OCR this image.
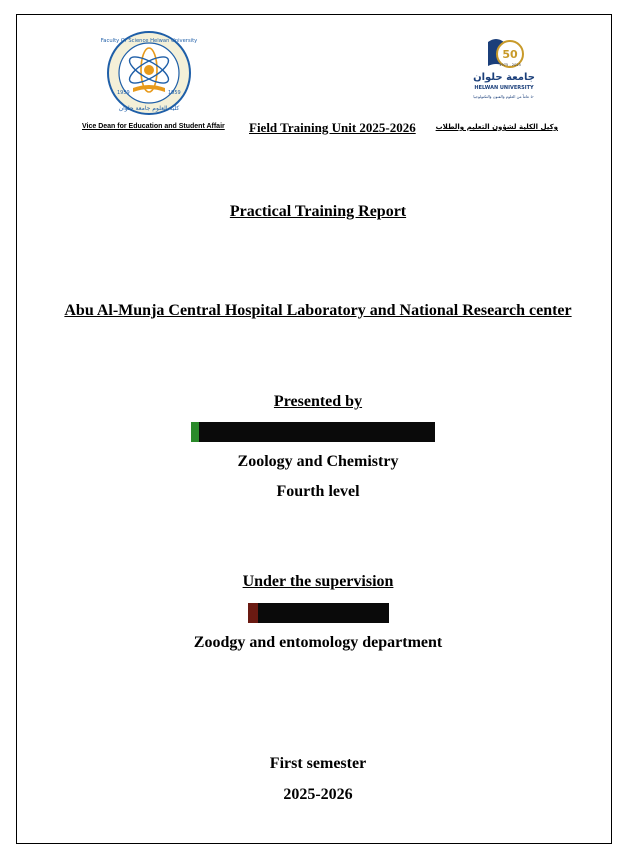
Faculty Of Science Helwan University
كلية العلوم جامعة حلوان
1959	1959
50
1975 - 2025
جامعة حلوان
HELWAN UNIVERSITY
٥٠ عاماً من العلوم والفنون والتكنولوجيا
Vice Dean for Education and Student Affair Field Training Unit 2025-2026	وكيل الكلية لشؤون التعليم والطلاب
Practical Training Report
Abu Al-Munja Central Hospital Laboratory and National Research center
Presented by
Zoology and Chemistry
Fourth level
Under the supervision
Zoodgy and entomology department
First semester
2025-2026
